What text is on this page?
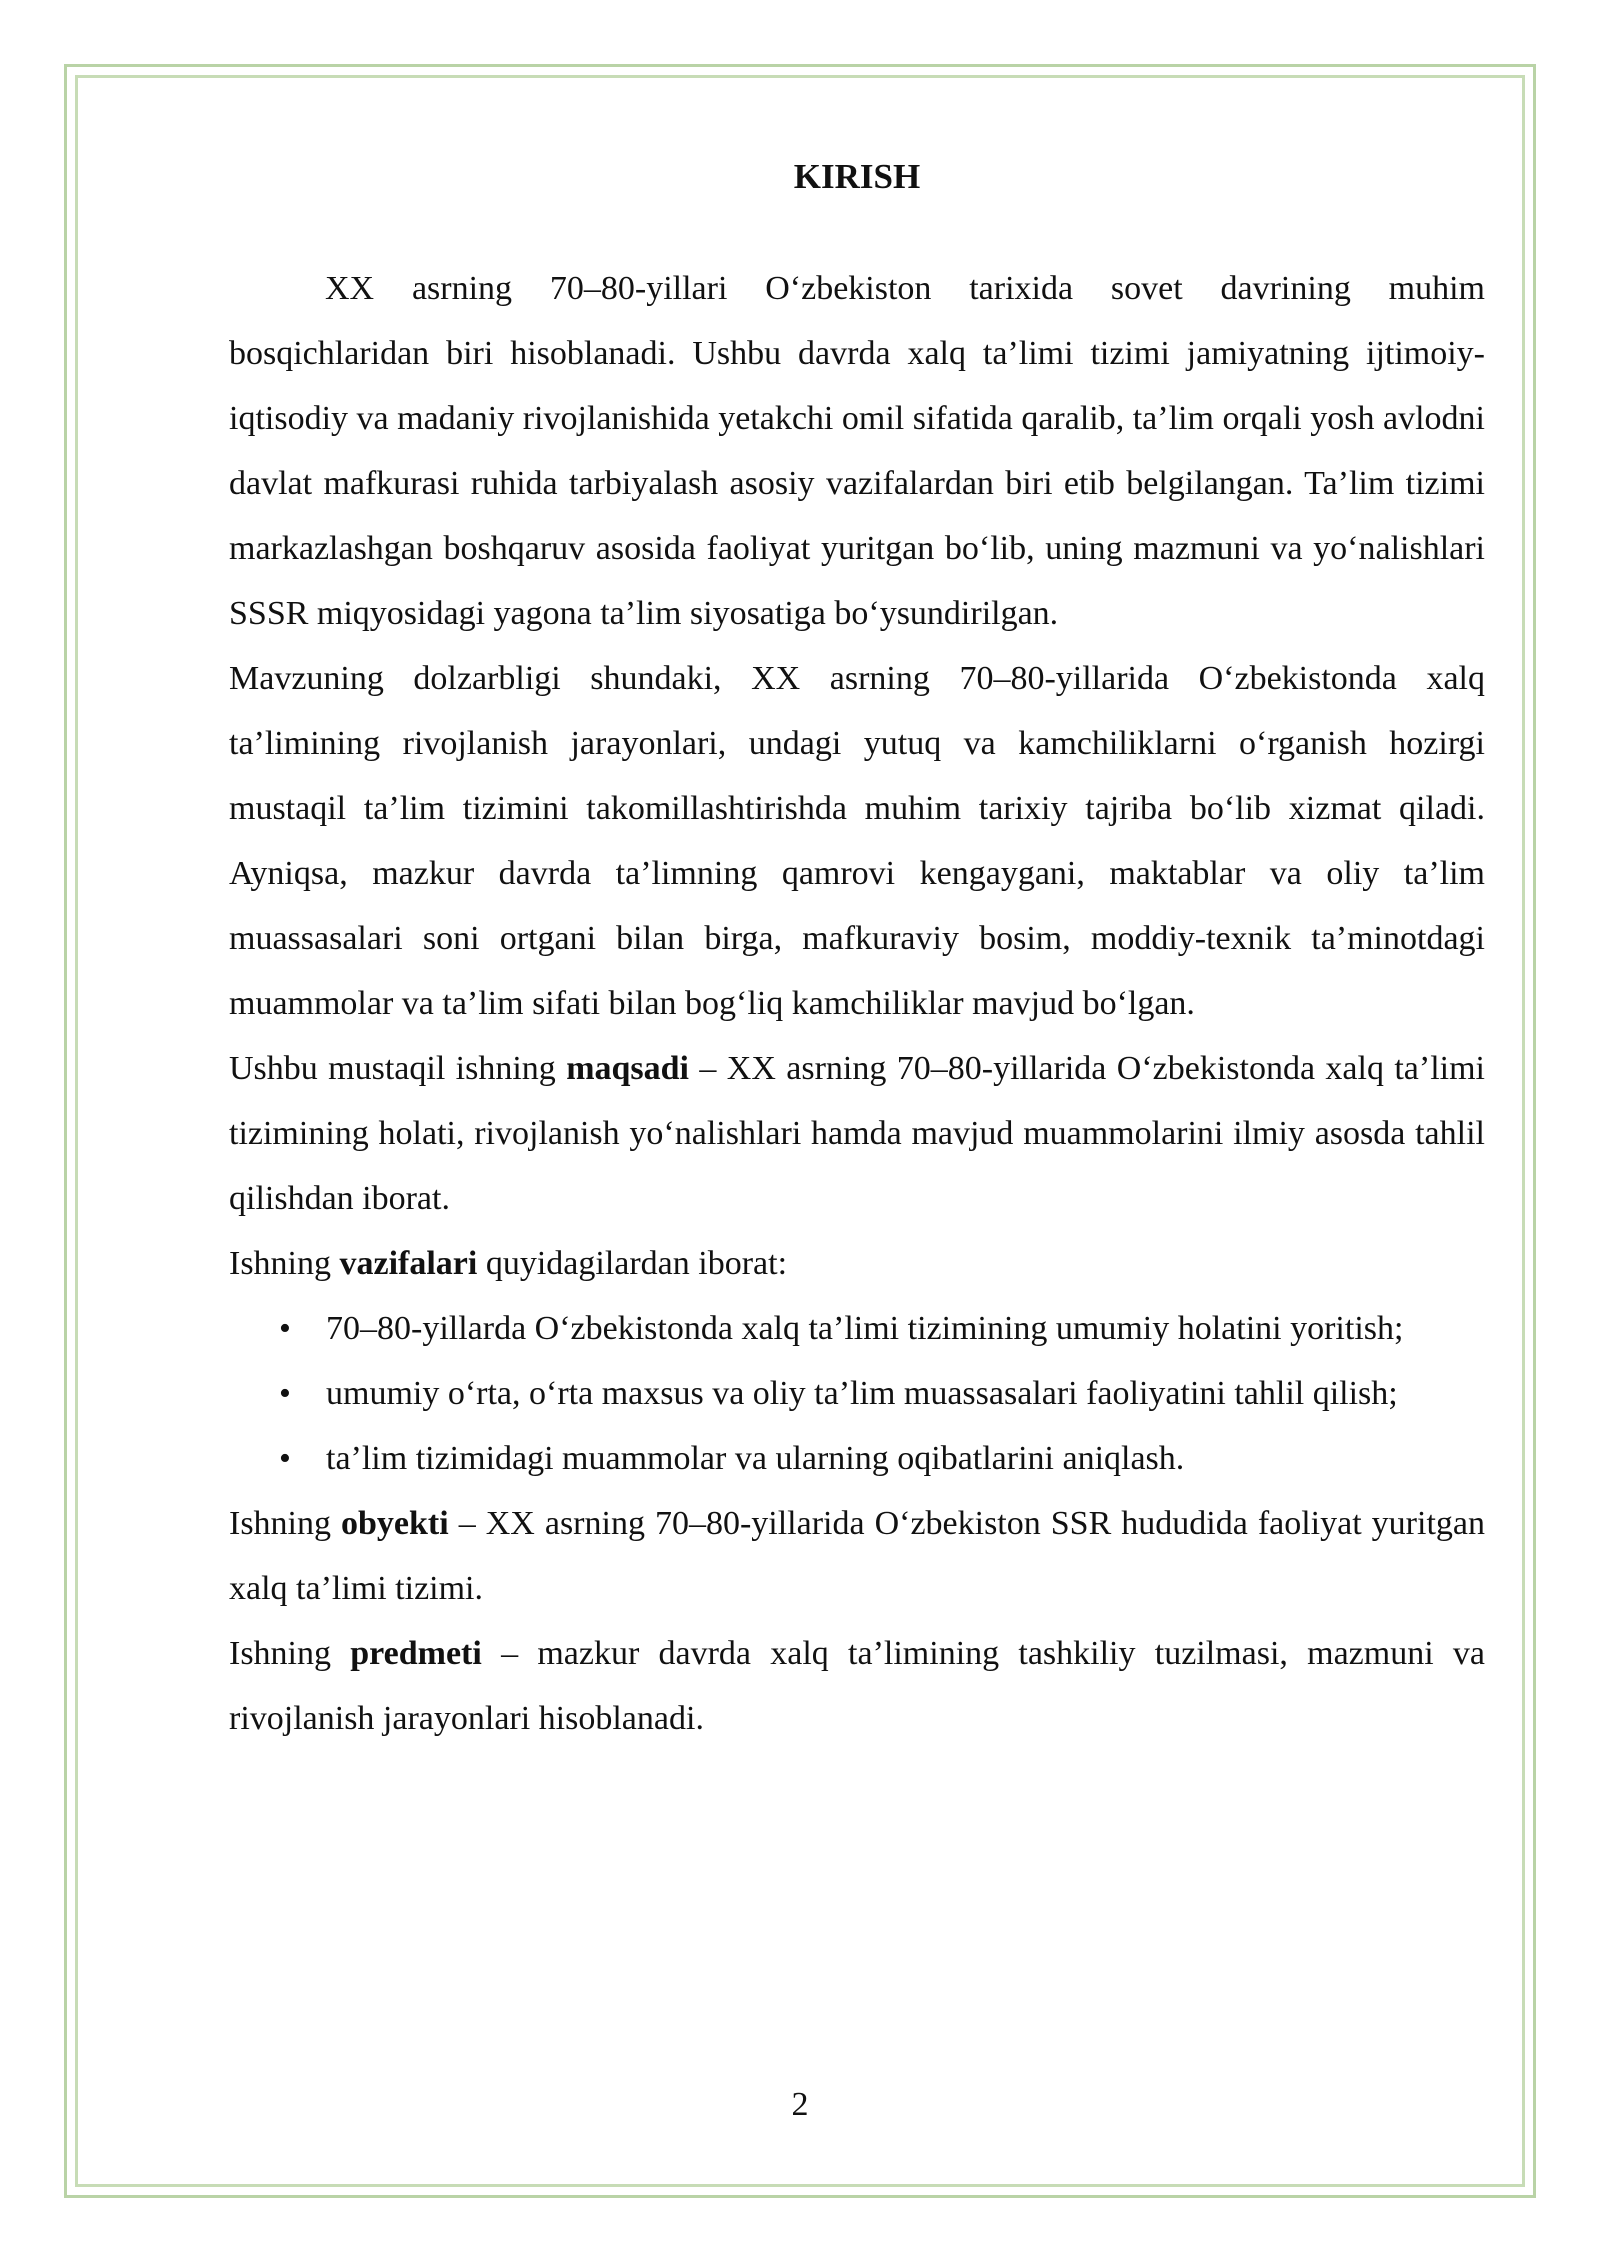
KIRISH

XX asrning 70–80-yillari O‘zbekiston tarixida sovet davrining muhim bosqichlaridan biri hisoblanadi. Ushbu davrda xalq ta’limi tizimi jamiyatning ijtimoiy-iqtisodiy va madaniy rivojlanishida yetakchi omil sifatida qaralib, ta’lim orqali yosh avlodni davlat mafkurasi ruhida tarbiyalash asosiy vazifalardan biri etib belgilangan. Ta’lim tizimi markazlashgan boshqaruv asosida faoliyat yuritgan bo‘lib, uning mazmuni va yo‘nalishlari SSSR miqyosidagi yagona ta’lim siyosatiga bo‘ysundirilgan.

Mavzuning dolzarbligi shundaki, XX asrning 70–80-yillarida O‘zbekistonda xalq ta’limining rivojlanish jarayonlari, undagi yutuq va kamchiliklarni o‘rganish hozirgi mustaqil ta’lim tizimini takomillashtirishda muhim tarixiy tajriba bo‘lib xizmat qiladi. Ayniqsa, mazkur davrda ta’limning qamrovi kengaygani, maktablar va oliy ta’lim muassasalari soni ortgani bilan birga, mafkuraviy bosim, moddiy-texnik ta’minotdagi muammolar va ta’lim sifati bilan bog‘liq kamchiliklar mavjud bo‘lgan.

Ushbu mustaqil ishning maqsadi – XX asrning 70–80-yillarida O‘zbekistonda xalq ta’limi tizimining holati, rivojlanish yo‘nalishlari hamda mavjud muammolarini ilmiy asosda tahlil qilishdan iborat.

Ishning vazifalari quyidagilardan iborat:

• 70–80-yillarda O‘zbekistonda xalq ta’limi tizimining umumiy holatini yoritish;
• umumiy o‘rta, o‘rta maxsus va oliy ta’lim muassasalari faoliyatini tahlil qilish;
• ta’lim tizimidagi muammolar va ularning oqibatlarini aniqlash.

Ishning obyekti – XX asrning 70–80-yillarida O‘zbekiston SSR hududida faoliyat yuritgan xalq ta’limi tizimi.

Ishning predmeti – mazkur davrda xalq ta’limining tashkiliy tuzilmasi, mazmuni va rivojlanish jarayonlari hisoblanadi.

2
